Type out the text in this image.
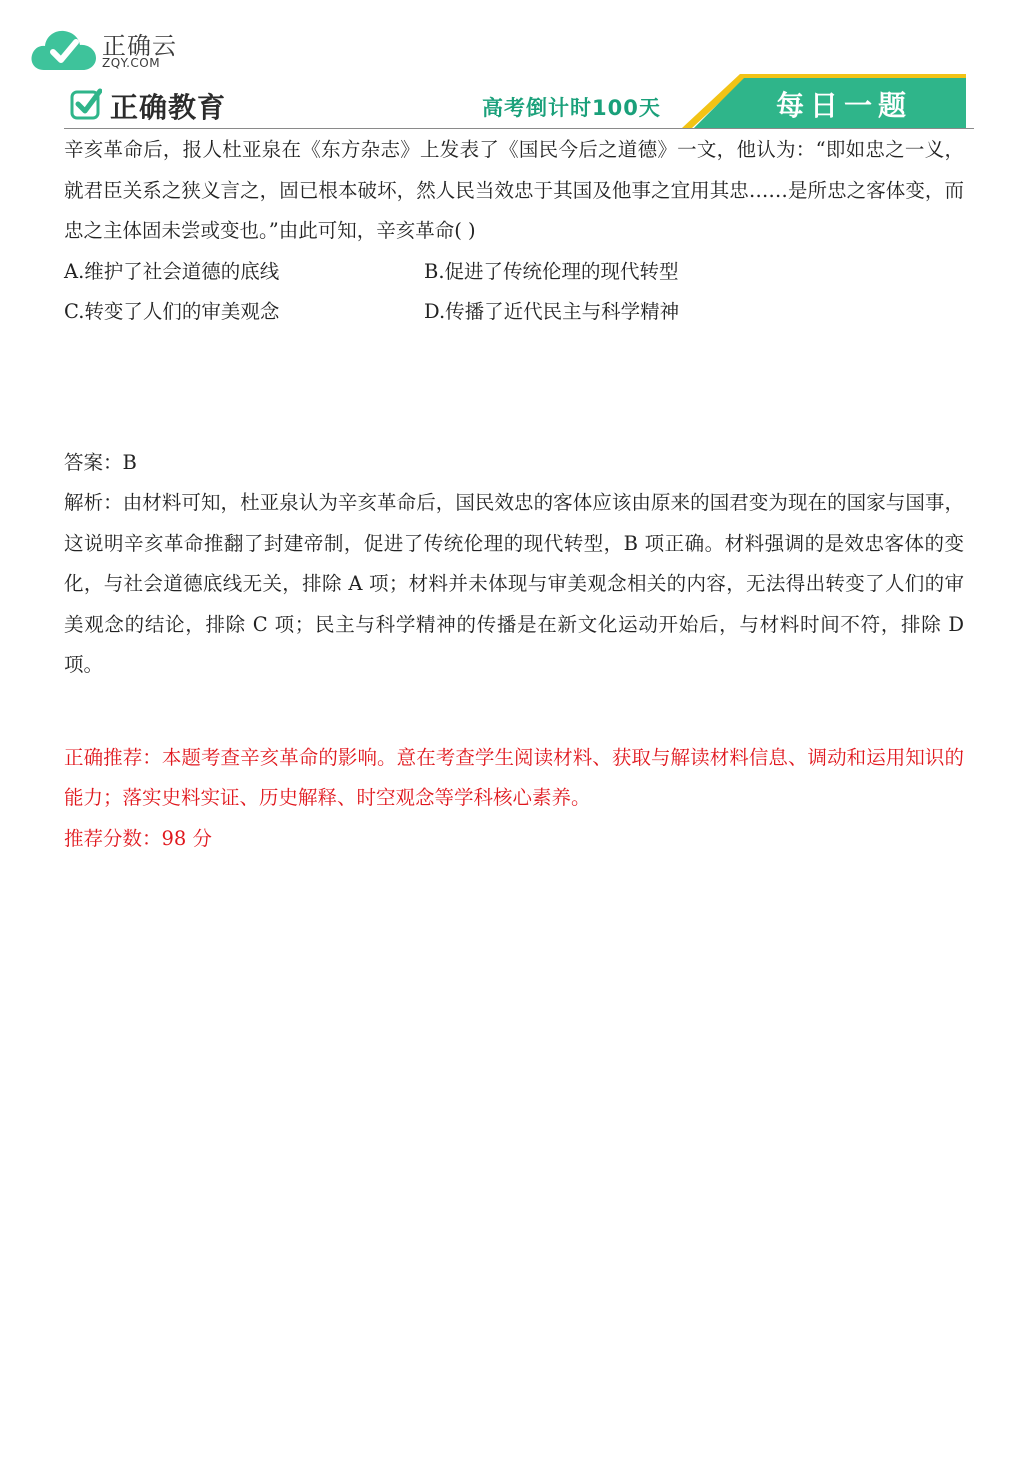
正确云
ZQY.COM
正确教育	高考倒计时100天	每日一题

辛亥革命后，报人杜亚泉在《东方杂志》上发表了《国民今后之道德》一文，他认为：“即如忠之一义，就君臣关系之狭义言之，固已根本破坏，然人民当效忠于其国及他事之宜用其忠……是所忠之客体变，而忠之主体固未尝或变也。”由此可知，辛亥革命( )

A.维护了社会道德的底线	B.促进了传统伦理的现代转型
C.转变了人们的审美观念	D.传播了近代民主与科学精神

答案：B

解析：由材料可知，杜亚泉认为辛亥革命后，国民效忠的客体应该由原来的国君变为现在的国家与国事，这说明辛亥革命推翻了封建帝制，促进了传统伦理的现代转型，B 项正确。材料强调的是效忠客体的变化，与社会道德底线无关，排除 A 项；材料并未体现与审美观念相关的内容，无法得出转变了人们的审美观念的结论，排除 C 项；民主与科学精神的传播是在新文化运动开始后，与材料时间不符，排除 D 项。

正确推荐：本题考查辛亥革命的影响。意在考查学生阅读材料、获取与解读材料信息、调动和运用知识的能力；落实史料实证、历史解释、时空观念等学科核心素养。

推荐分数：98 分
